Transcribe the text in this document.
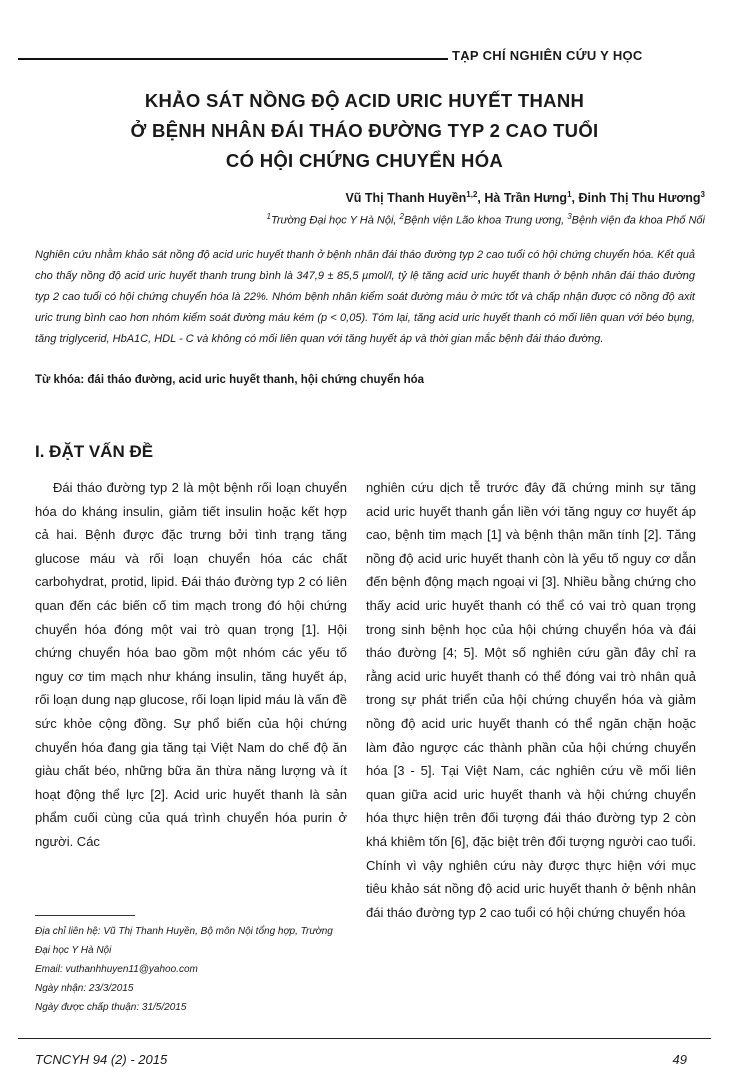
TẠP CHÍ NGHIÊN CỨU Y HỌC
KHẢO SÁT NỒNG ĐỘ ACID URIC HUYẾT THANH
Ở BỆNH NHÂN ĐÁI THÁO ĐƯỜNG TYP 2 CAO TUỔI
CÓ HỘI CHỨNG CHUYỂN HÓA
Vũ Thị Thanh Huyền$^{1,2}$, Hà Trần Hưng$^1$, Đinh Thị Thu Hương$^3$
$^1$Trường Đại học Y Hà Nội, $^2$Bệnh viện Lão khoa Trung ương, $^3$Bệnh viện đa khoa Phố Nối
Nghiên cứu nhằm khảo sát nồng độ acid uric huyết thanh ở bệnh nhân đái tháo đường typ 2 cao tuổi có hội chứng chuyển hóa. Kết quả cho thấy nồng độ acid uric huyết thanh trung bình là 347,9 ± 85,5 µmol/l, tỷ lệ tăng acid uric huyết thanh ở bệnh nhân đái tháo đường typ 2 cao tuổi có hội chứng chuyển hóa là 22%. Nhóm bệnh nhân kiểm soát đường máu ở mức tốt và chấp nhận được có nồng độ axit uric trung bình cao hơn nhóm kiểm soát đường máu kém (p < 0,05). Tóm lại, tăng acid uric huyết thanh có mối liên quan với béo bụng, tăng triglycerid, HbA1C, HDL - C và không có mối liên quan với tăng huyết áp và thời gian mắc bệnh đái tháo đường.
Từ khóa: đái tháo đường, acid uric huyết thanh, hội chứng chuyển hóa
I. ĐẶT VẤN ĐỀ
Đái tháo đường typ 2 là một bệnh rối loạn chuyển hóa do kháng insulin, giảm tiết insulin hoặc kết hợp cả hai. Bệnh được đặc trưng bởi tình trạng tăng glucose máu và rối loạn chuyển hóa các chất carbohydrat, protid, lipid. Đái tháo đường typ 2 có liên quan đến các biến cố tim mạch trong đó hội chứng chuyển hóa đóng một vai trò quan trọng [1]. Hội chứng chuyển hóa bao gồm một nhóm các yếu tố nguy cơ tim mạch như kháng insulin, tăng huyết áp, rối loạn dung nạp glucose, rối loạn lipid máu là vấn đề sức khỏe cộng đồng. Sự phổ biến của hội chứng chuyển hóa đang gia tăng tại Việt Nam do chế độ ăn giàu chất béo, những bữa ăn thừa năng lượng và ít hoạt động thể lực [2]. Acid uric huyết thanh là sản phẩm cuối cùng của quá trình chuyển hóa purin ở người. Các
nghiên cứu dịch tễ trước đây đã chứng minh sự tăng acid uric huyết thanh gắn liền với tăng nguy cơ huyết áp cao, bệnh tim mạch [1] và bệnh thận mãn tính [2]. Tăng nồng độ acid uric huyết thanh còn là yếu tố nguy cơ dẫn đến bệnh động mạch ngoại vi [3]. Nhiều bằng chứng cho thấy acid uric huyết thanh có thể có vai trò quan trọng trong sinh bệnh học của hội chứng chuyển hóa và đái tháo đường [4; 5]. Một số nghiên cứu gần đây chỉ ra rằng acid uric huyết thanh có thể đóng vai trò nhân quả trong sự phát triển của hội chứng chuyển hóa và giảm nồng độ acid uric huyết thanh có thể ngăn chặn hoặc làm đảo ngược các thành phần của hội chứng chuyển hóa [3 - 5]. Tại Việt Nam, các nghiên cứu về mối liên quan giữa acid uric huyết thanh và hội chứng chuyển hóa thực hiện trên đối tượng đái tháo đường typ 2 còn khá khiêm tốn [6], đặc biệt trên đối tượng người cao tuổi. Chính vì vậy nghiên cứu này được thực hiện với mục tiêu khảo sát nồng độ acid uric huyết thanh ở bệnh nhân đái tháo đường typ 2 cao tuổi có hội chứng chuyển hóa
Địa chỉ liên hệ: Vũ Thị Thanh Huyền, Bộ môn Nội tổng hợp, Trường Đại học Y Hà Nội
Email: vuthanhhuyen11@yahoo.com
Ngày nhận: 23/3/2015
Ngày được chấp thuận: 31/5/2015
TCNCYH 94 (2) - 2015	49
